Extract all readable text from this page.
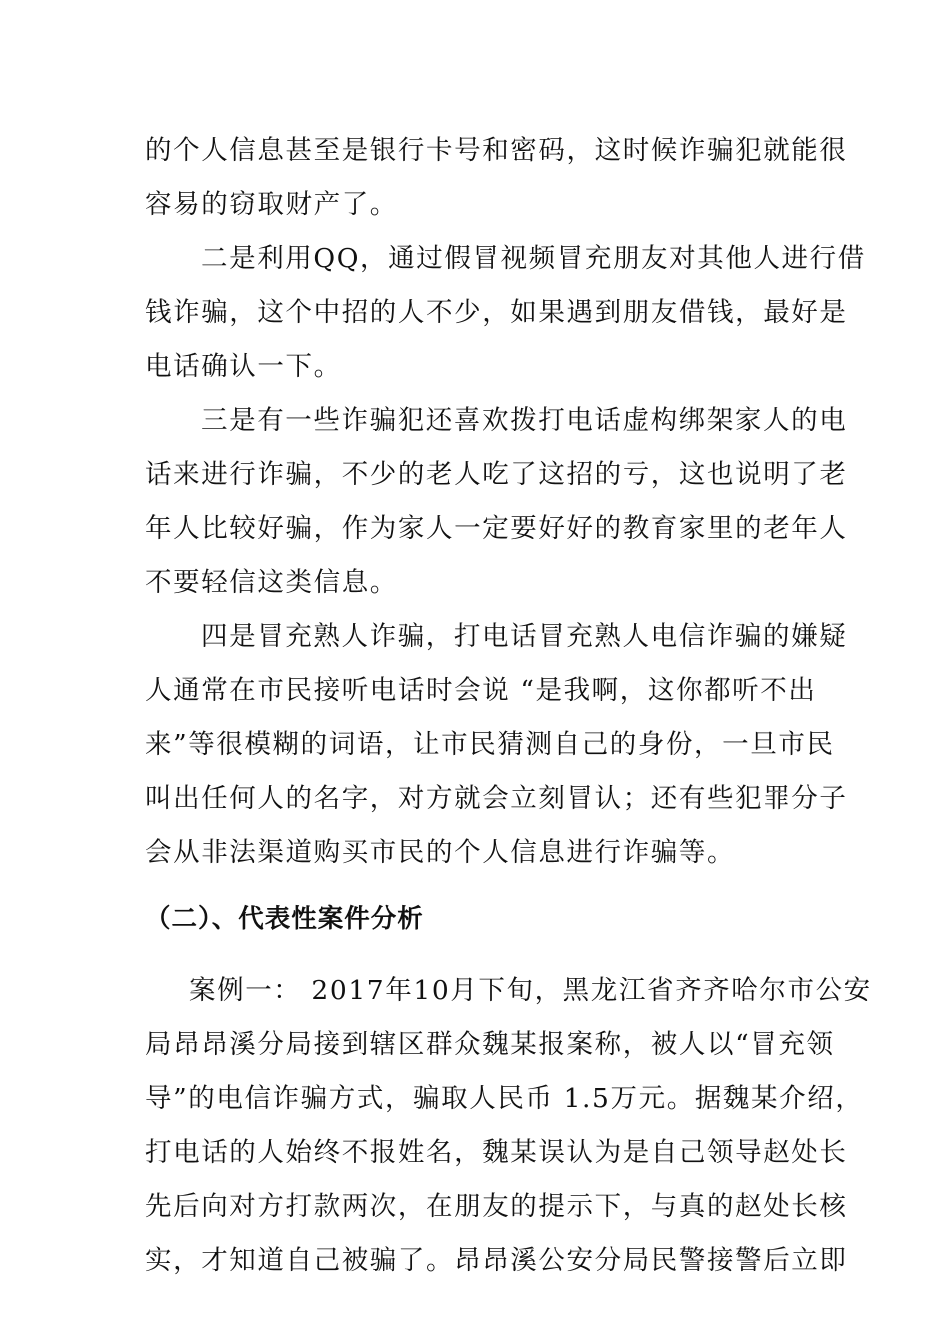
的个人信息甚至是银行卡号和密码，这时候诈骗犯就能很
容易的窃取财产了。

二是利用QQ，通过假冒视频冒充朋友对其他人进行借
钱诈骗，这个中招的人不少，如果遇到朋友借钱，最好是
电话确认一下。

三是有一些诈骗犯还喜欢拨打电话虚构绑架家人的电
话来进行诈骗，不少的老人吃了这招的亏，这也说明了老
年人比较好骗，作为家人一定要好好的教育家里的老年人
不要轻信这类信息。

四是冒充熟人诈骗，打电话冒充熟人电信诈骗的嫌疑
人通常在市民接听电话时会说 “是我啊，这你都听不出
来”等很模糊的词语，让市民猜测自己的身份，一旦市民
叫出任何人的名字，对方就会立刻冒认；还有些犯罪分子
会从非法渠道购买市民的个人信息进行诈骗等。

（二）、代表性案件分析

案例一： 2017年10月下旬，黑龙江省齐齐哈尔市公安
局昂昂溪分局接到辖区群众魏某报案称，被人以“冒充领
导”的电信诈骗方式，骗取人民币 1.5万元。据魏某介绍，
打电话的人始终不报姓名，魏某误认为是自己领导赵处长
先后向对方打款两次，在朋友的提示下，与真的赵处长核
实，才知道自己被骗了。昂昂溪公安分局民警接警后立即
